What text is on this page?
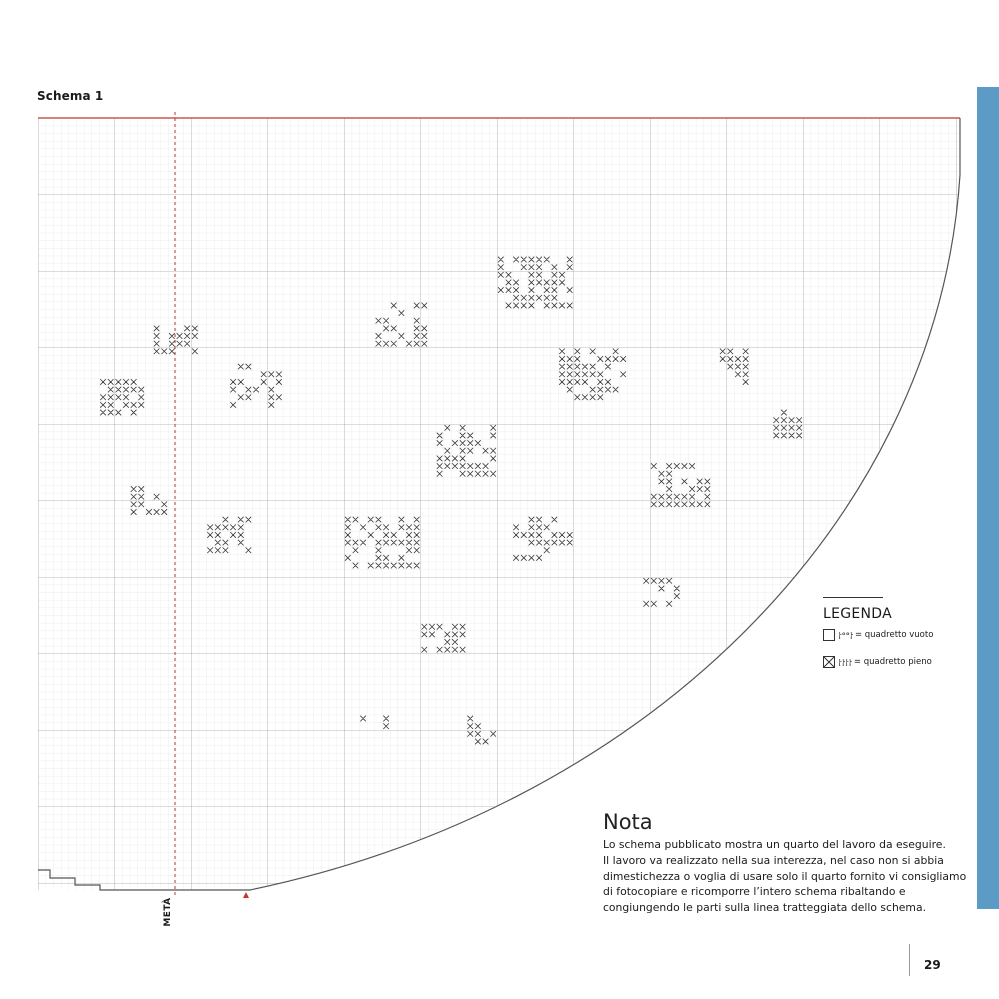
Schema 1
METÀ
LEGENDA
⸷°°⸷ = quadretto vuoto
⸷⸷⸷⸷ = quadretto pieno
Nota

Lo schema pubblicato mostra un quarto del lavoro da eseguire.

Il lavoro va realizzato nella sua interezza, nel caso non si abbia

dimestichezza o voglia di usare solo il quarto fornito vi consigliamo

di fotocopiare e ricomporre l’intero schema ribaltando e

congiungendo le parti sulla linea tratteggiata dello schema.

29
